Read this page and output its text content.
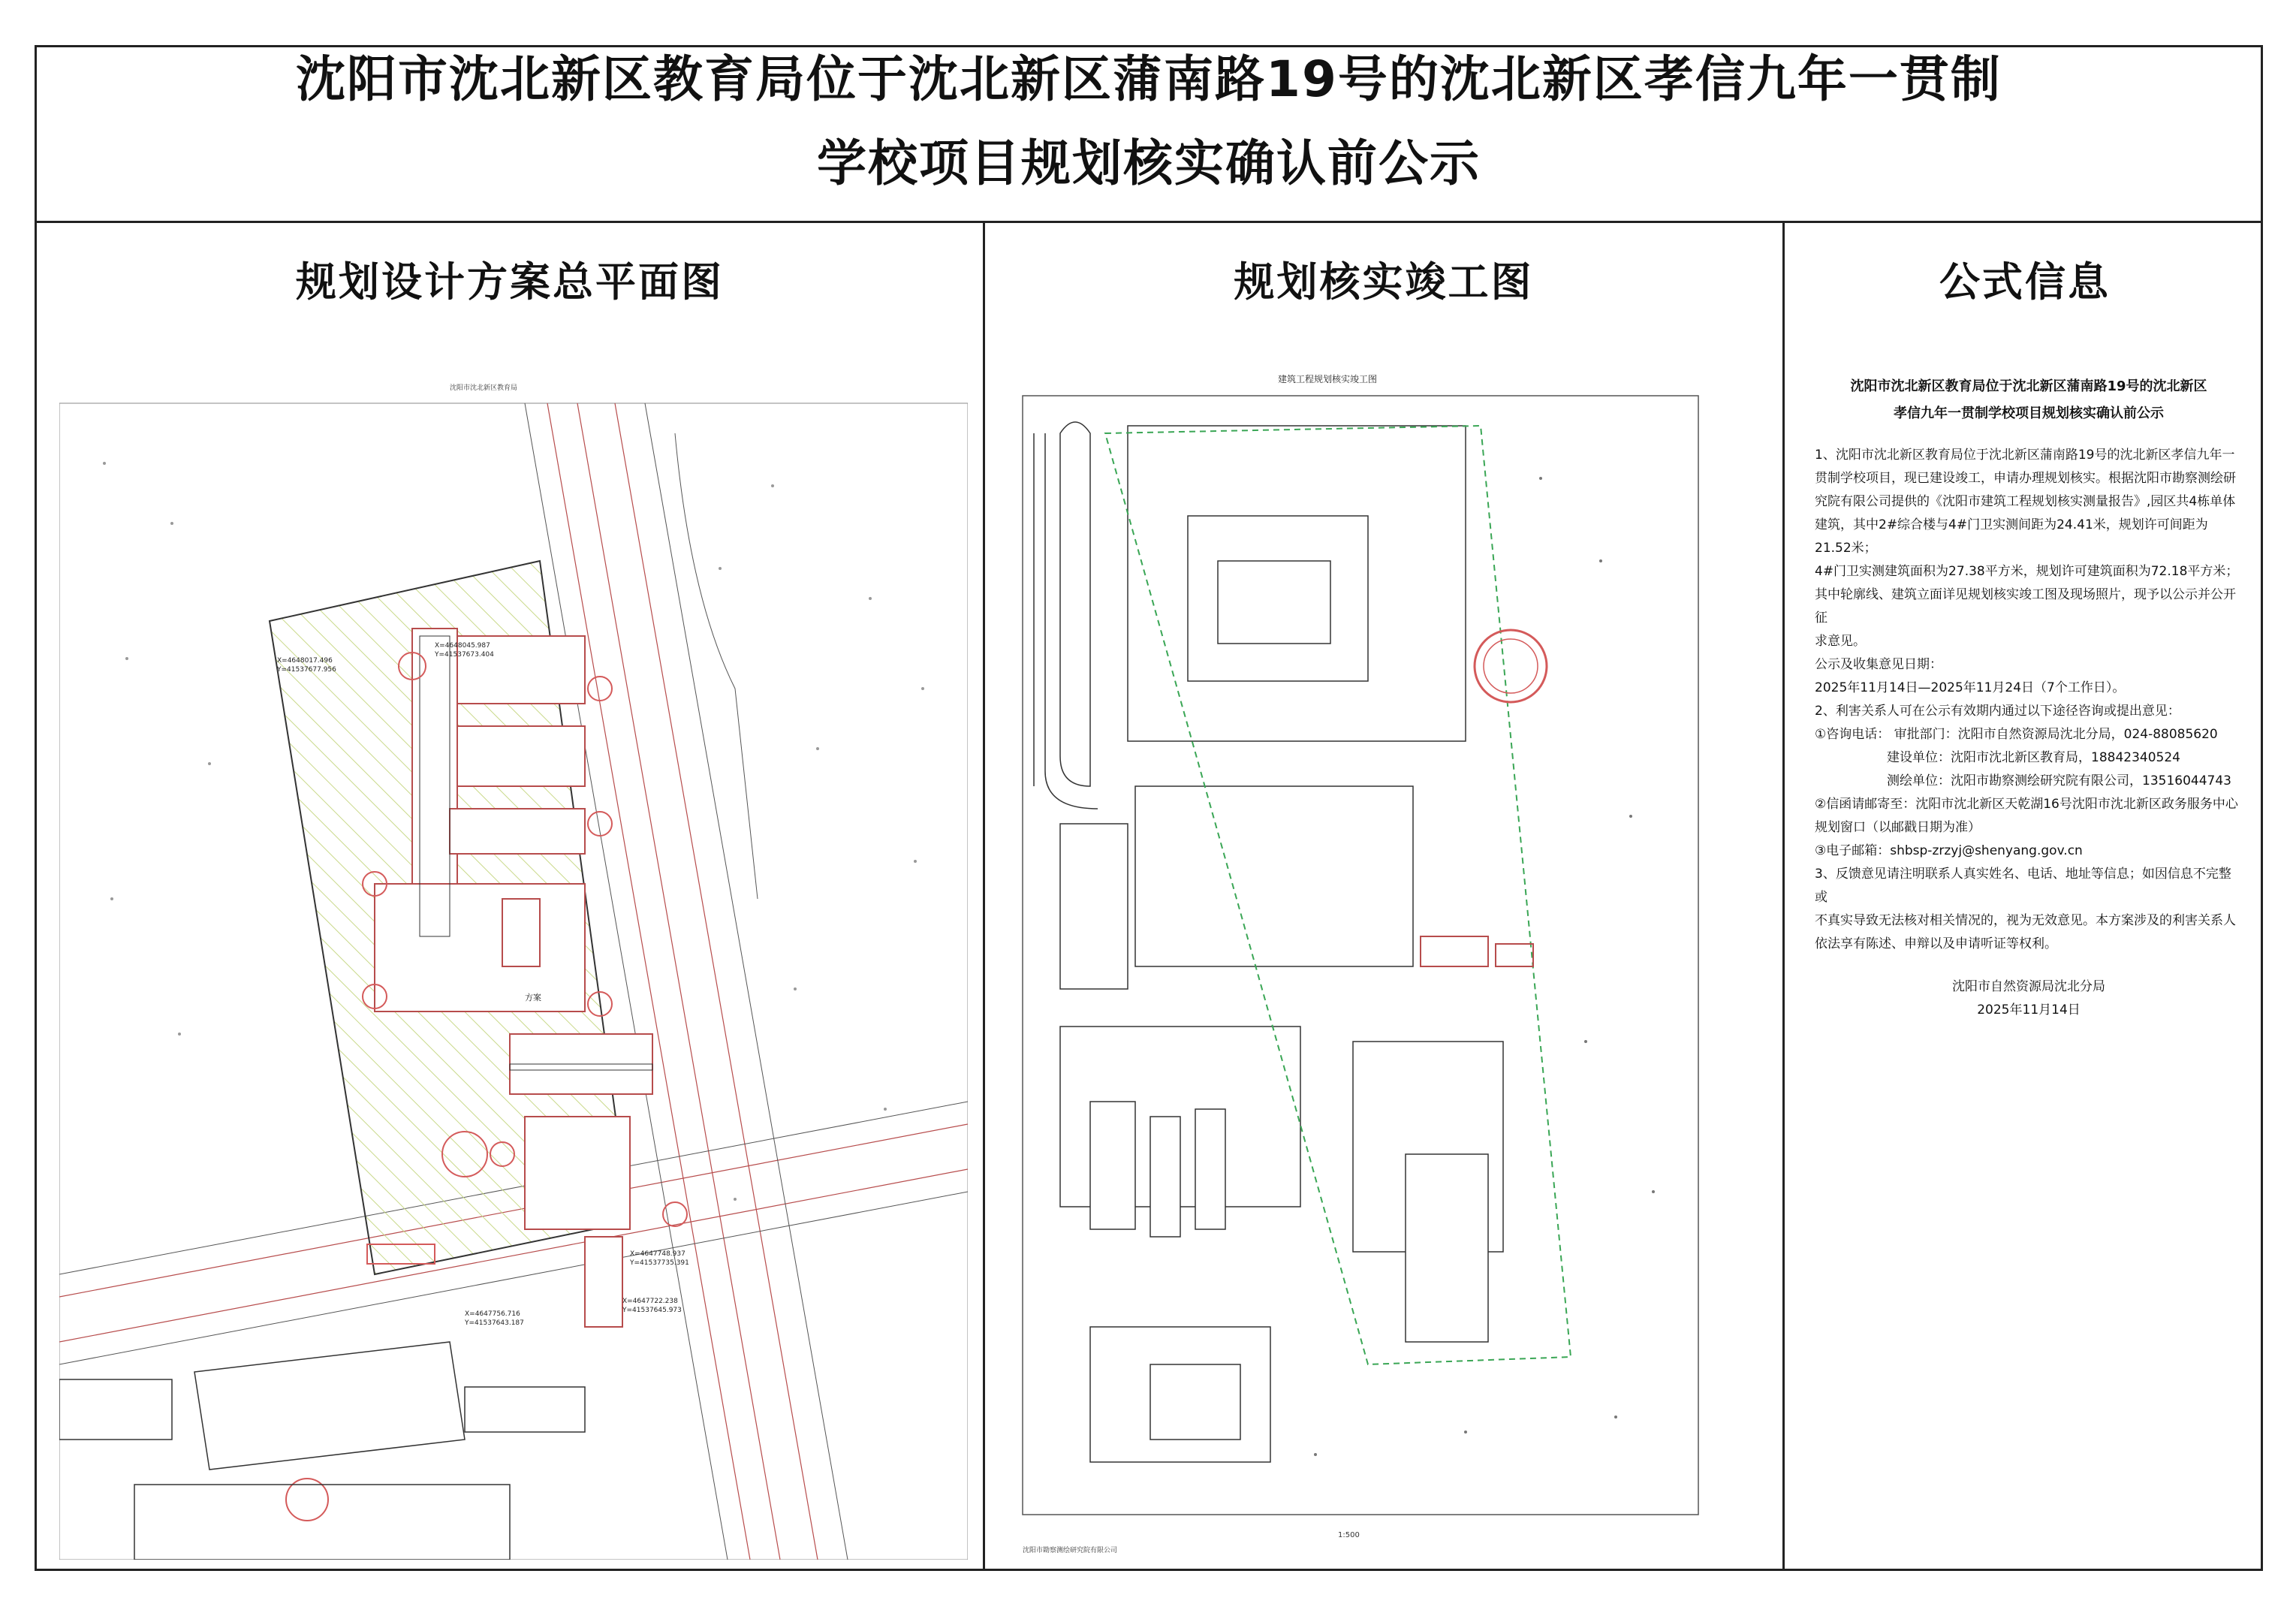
沈阳市沈北新区教育局位于沈北新区蒲南路19号的沈北新区孝信九年一贯制
学校项目规划核实确认前公示
规划设计方案总平面图
沈阳市沈北新区教育局
X=4648045.987
Y=41537673.404
X=4648017.496
Y=41537677.956
X=4647748.937
Y=41537735.391
X=4647722.238
Y=41537645.973
X=4647756.716
Y=41537643.187
方案
规划核实竣工图
建筑工程规划核实竣工图
沈阳市勘察测绘研究院有限公司
1:500
公式信息
沈阳市沈北新区教育局位于沈北新区蒲南路19号的沈北新区
孝信九年一贯制学校项目规划核实确认前公示

1、沈阳市沈北新区教育局位于沈北新区蒲南路19号的沈北新区孝信九年一

贯制学校项目，现已建设竣工，申请办理规划核实。根据沈阳市勘察测绘研

究院有限公司提供的《沈阳市建筑工程规划核实测量报告》,园区共4栋单体

建筑，其中2#综合楼与4#门卫实测间距为24.41米，规划许可间距为21.52米；

4#门卫实测建筑面积为27.38平方米，规划许可建筑面积为72.18平方米；

其中轮廓线、建筑立面详见规划核实竣工图及现场照片，现予以公示并公开征

求意见。

公示及收集意见日期：

2025年11月14日—2025年11月24日（7个工作日）。

2、利害关系人可在公示有效期内通过以下途径咨询或提出意见：

①咨询电话： 审批部门：沈阳市自然资源局沈北分局，024-88085620

建设单位：沈阳市沈北新区教育局，18842340524

测绘单位：沈阳市勘察测绘研究院有限公司，13516044743

②信函请邮寄至：沈阳市沈北新区天乾湖16号沈阳市沈北新区政务服务中心

规划窗口（以邮戳日期为准）

③电子邮箱：shbsp-zrzyj@shenyang.gov.cn

3、反馈意见请注明联系人真实姓名、电话、地址等信息；如因信息不完整或

不真实导致无法核对相关情况的，视为无效意见。本方案涉及的利害关系人

依法享有陈述、申辩以及申请听证等权利。

沈阳市自然资源局沈北分局
2025年11月14日
